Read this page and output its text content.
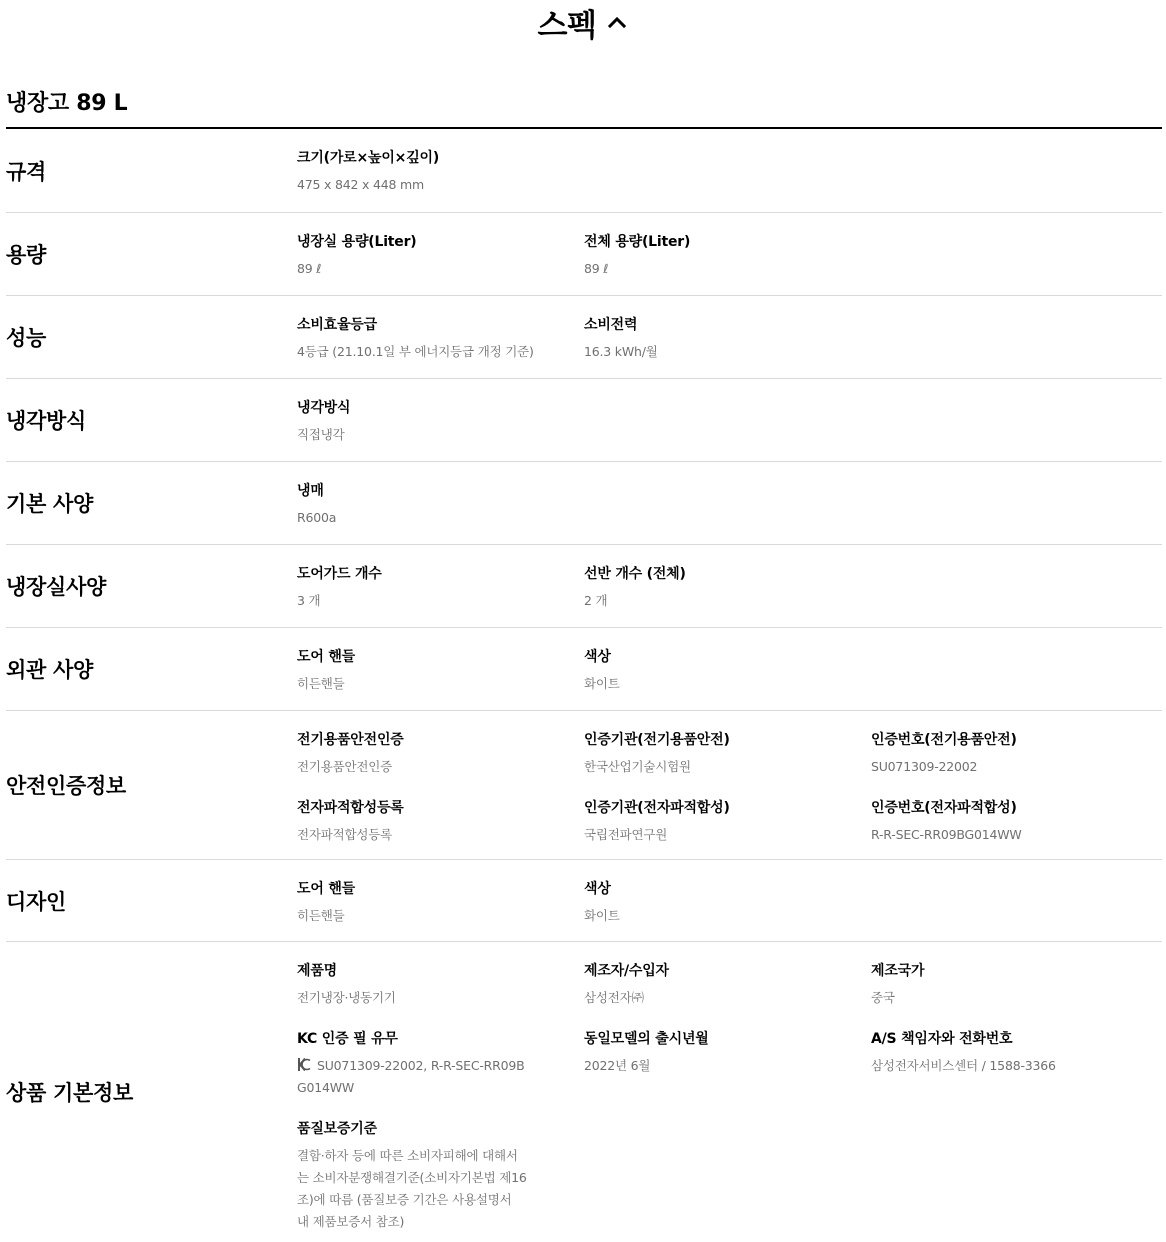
스펙
냉장고 89 L
규격
크기(가로×높이×깊이)
475 x 842 x 448 mm
용량
냉장실 용량(Liter)
89 ℓ
전체 용량(Liter)
89 ℓ
성능
소비효율등급
4등급 (21.10.1일 부 에너지등급 개정 기준)
소비전력
16.3 kWh/월
냉각방식
냉각방식
직접냉각
기본 사양
냉매
R600a
냉장실사양
도어가드 개수
3 개
선반 개수 (전체)
2 개
외관 사양
도어 핸들
히든핸들
색상
화이트
안전인증정보
전기용품안전인증
전기용품안전인증
인증기관(전기용품안전)
한국산업기술시험원
인증번호(전기용품안전)
SU071309-22002
전자파적합성등록
전자파적합성등록
인증기관(전자파적합성)
국립전파연구원
인증번호(전자파적합성)
R-R-SEC-RR09BG014WW
디자인
도어 핸들
히든핸들
색상
화이트
상품 기본정보
제품명
전기냉장·냉동기기
제조자/수입자
삼성전자㈜
제조국가
중국
KC 인증 필 유무
SU071309-22002, R-R-SEC-RR09BG014WW
동일모델의 출시년월
2022년 6월
A/S 책임자와 전화번호
삼성전자서비스센터 / 1588-3366
품질보증기준
결함·하자 등에 따른 소비자피해에 대해서는 소비자분쟁해결기준(소비자기본법 제16조)에 따름 (품질보증 기간은 사용설명서 내 제품보증서 참조)
